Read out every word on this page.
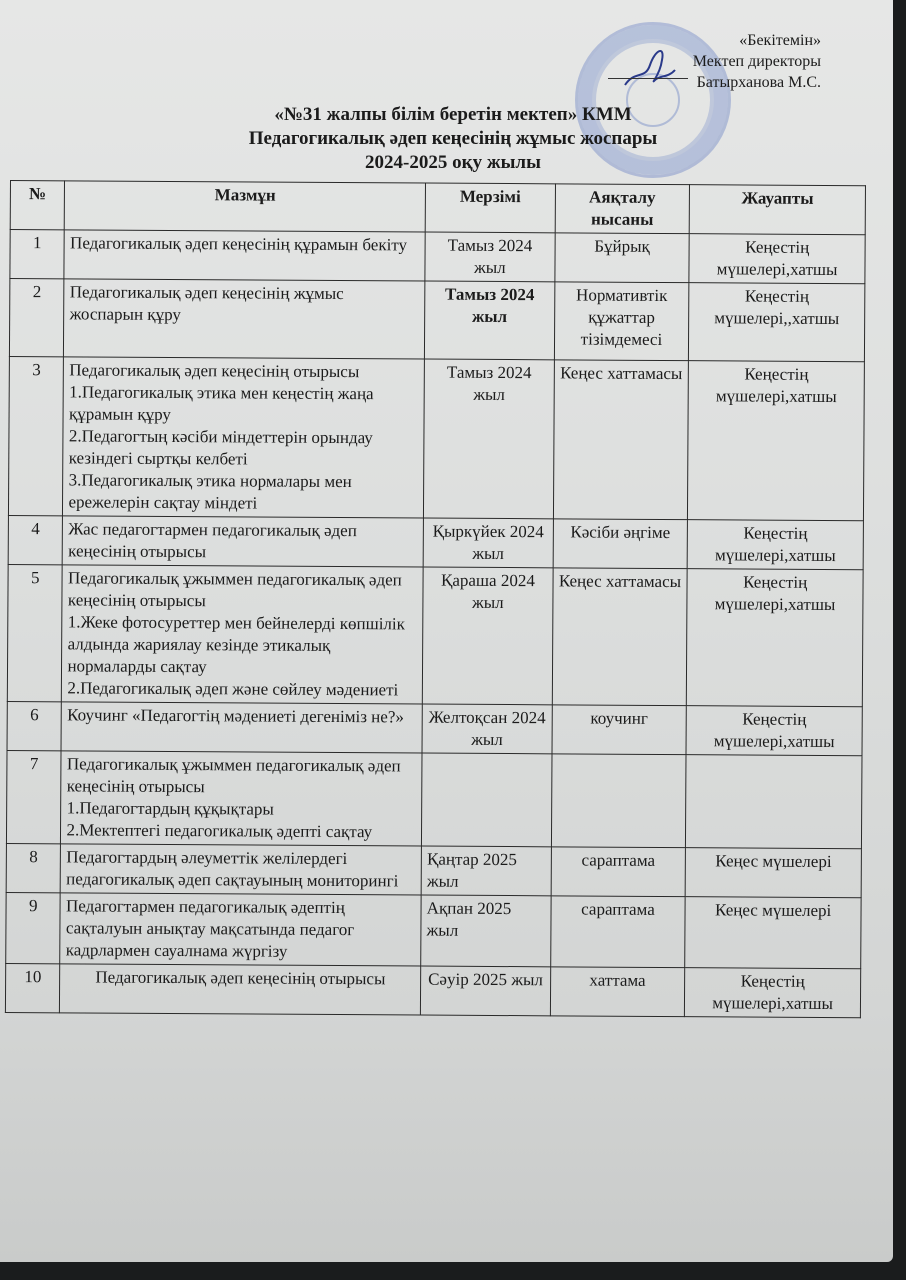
«Бекітемін»
Мектеп директоры
Батырханова М.С.
«№31 жалпы білім беретін мектеп» КММ
Педагогикалық әдеп кеңесінің жұмыс жоспары
2024-2025 оқу жылы
№	Мазмұн	Мерзімі	Аяқталу нысаны	Жауапты
1	Педагогикалық әдеп кеңесінің құрамын бекіту	Тамыз 2024 жыл	Бұйрық	Кеңестің мүшелері,хатшы
2	Педагогикалық әдеп кеңесінің жұмыс жоспарын құру	Тамыз 2024 жыл	Нормативтік құжаттар тізімдемесі	Кеңестің мүшелері,,хатшы
3	Педагогикалық әдеп кеңесінің отырысы
1.Педагогикалық этика мен кеңестің жаңа құрамын құру
2.Педагогтың кәсіби міндеттерін орындау кезіндегі сыртқы келбеті
3.Педагогикалық этика нормалары мен ережелерін сақтау міндеті	Тамыз 2024 жыл	Кеңес хаттамасы	Кеңестің мүшелері,хатшы
4	Жас педагогтармен педагогикалық әдеп кеңесінің отырысы	Қыркүйек 2024 жыл	Кәсіби әңгіме	Кеңестің мүшелері,хатшы
5	Педагогикалық ұжыммен педагогикалық әдеп кеңесінің отырысы
1.Жеке фотосуреттер мен бейнелерді көпшілік алдында жариялау кезінде этикалық нормаларды сақтау
2.Педагогикалық әдеп және сөйлеу мәдениеті	Қараша 2024 жыл	Кеңес хаттамасы	Кеңестің мүшелері,хатшы
6	Коучинг «Педагогтің мәдениеті дегеніміз не?»	Желтоқсан 2024 жыл	коучинг	Кеңестің мүшелері,хатшы
7	Педагогикалық ұжыммен педагогикалық әдеп кеңесінің отырысы
1.Педагогтардың құқықтары
2.Мектептегі педагогикалық әдепті сақтау			

8	Педагогтардың әлеуметтік желілердегі педагогикалық әдеп сақтауының мониторингі	Қаңтар 2025 жыл	сараптама	Кеңес мүшелері
9	Педагогтармен педагогикалық әдептің сақталуын анықтау мақсатында педагог кадрлармен сауалнама жүргізу	Ақпан 2025 жыл	сараптама	Кеңес мүшелері
10	Педагогикалық әдеп кеңесінің отырысы	Сәуір 2025 жыл	хаттама	Кеңестің мүшелері,хатшы
